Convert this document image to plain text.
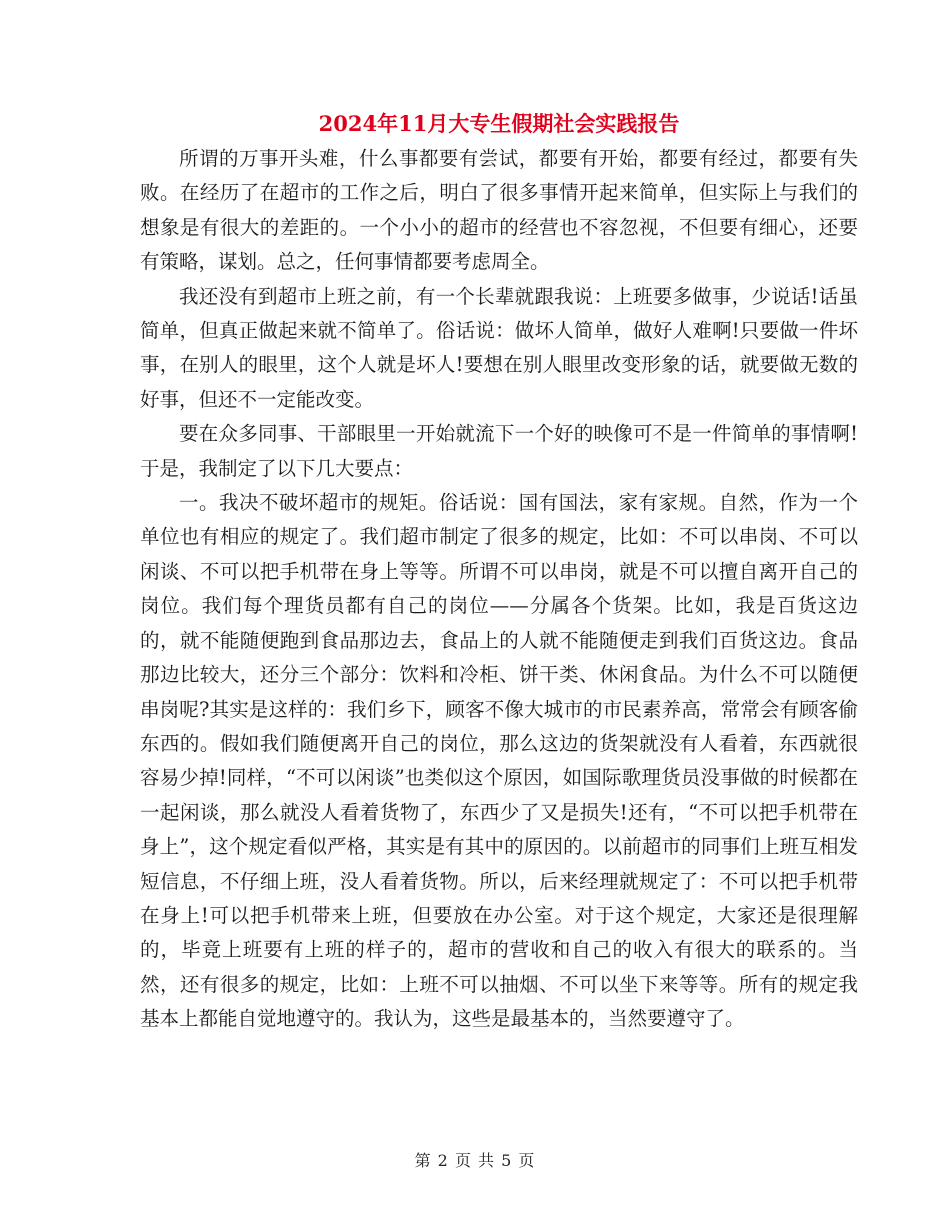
2024年11月大专生假期社会实践报告

所谓的万事开头难，什么事都要有尝试，都要有开始，都要有经过，都要有失败。在经历了在超市的工作之后，明白了很多事情开起来简单，但实际上与我们的想象是有很大的差距的。一个小小的超市的经营也不容忽视，不但要有细心，还要有策略，谋划。总之，任何事情都要考虑周全。

我还没有到超市上班之前，有一个长辈就跟我说：上班要多做事，少说话!话虽简单，但真正做起来就不简单了。俗话说：做坏人简单，做好人难啊!只要做一件坏事，在别人的眼里，这个人就是坏人!要想在别人眼里改变形象的话，就要做无数的好事，但还不一定能改变。

要在众多同事、干部眼里一开始就流下一个好的映像可不是一件简单的事情啊!于是，我制定了以下几大要点：

一。我决不破坏超市的规矩。俗话说：国有国法，家有家规。自然，作为一个单位也有相应的规定了。我们超市制定了很多的规定，比如：不可以串岗、不可以闲谈、不可以把手机带在身上等等。所谓不可以串岗，就是不可以擅自离开自己的岗位。我们每个理货员都有自己的岗位——分属各个货架。比如，我是百货这边的，就不能随便跑到食品那边去，食品上的人就不能随便走到我们百货这边。食品那边比较大，还分三个部分：饮料和冷柜、饼干类、休闲食品。为什么不可以随便串岗呢?其实是这样的：我们乡下，顾客不像大城市的市民素养高，常常会有顾客偷东西的。假如我们随便离开自己的岗位，那么这边的货架就没有人看着，东西就很容易少掉!同样，“不可以闲谈”也类似这个原因，如国际歌理货员没事做的时候都在一起闲谈，那么就没人看着货物了，东西少了又是损失!还有，“不可以把手机带在身上”，这个规定看似严格，其实是有其中的原因的。以前超市的同事们上班互相发短信息，不仔细上班，没人看着货物。所以，后来经理就规定了：不可以把手机带在身上!可以把手机带来上班，但要放在办公室。对于这个规定，大家还是很理解的，毕竟上班要有上班的样子的，超市的营收和自己的收入有很大的联系的。当然，还有很多的规定，比如：上班不可以抽烟、不可以坐下来等等。所有的规定我基本上都能自觉地遵守的。我认为，这些是最基本的，当然要遵守了。

第 2 页 共 5 页
